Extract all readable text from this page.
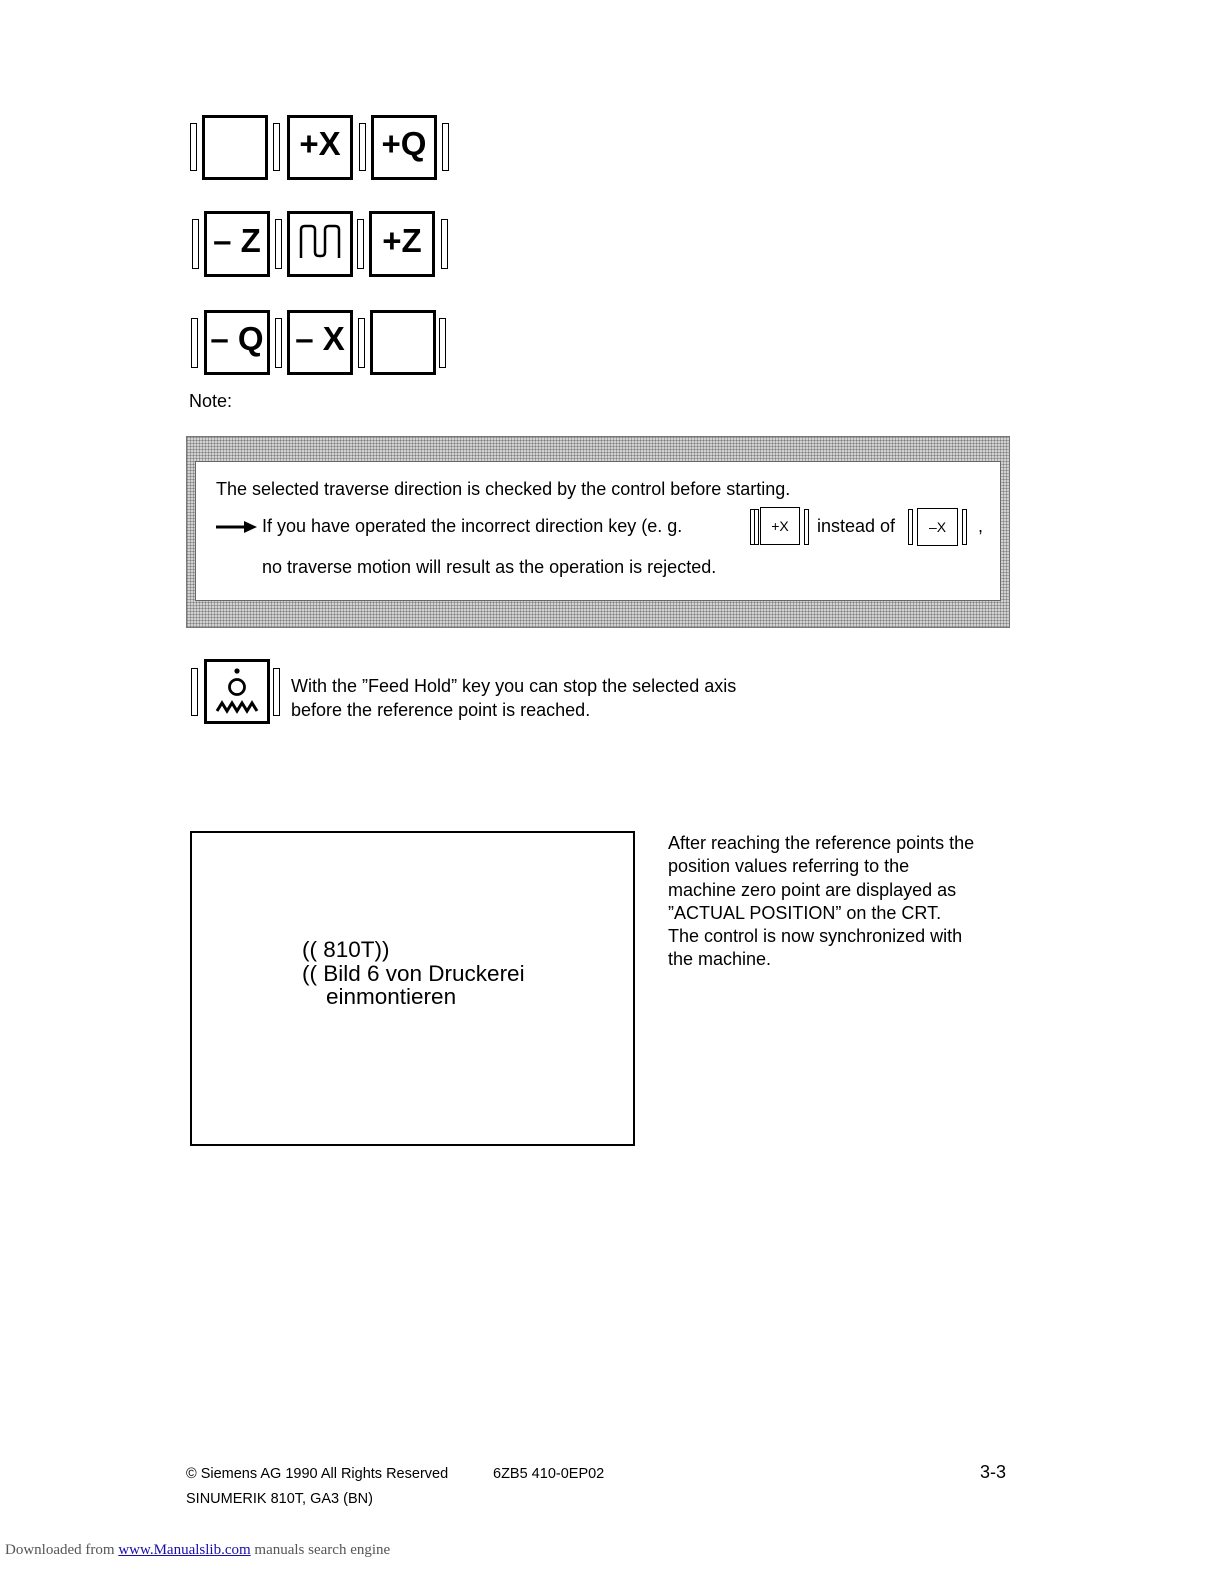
+X +Q
– Z	+Z
– Q – X
Note:
The selected traverse direction is checked by the control before starting.
If you have operated the incorrect direction key (e. g.	+X instead of –X ,
no traverse motion will result as the operation is rejected.
With the ”Feed Hold” key you can stop the selected axis
before the reference point is reached.
(( 810T))
(( Bild 6 von Druckerei
einmontieren
After reaching the reference points the
position values referring to the
machine zero point are displayed as
”ACTUAL POSITION” on the CRT.
The control is now synchronized with
the machine.
© Siemens AG 1990 All Rights Reserved	6ZB5 410-0EP02	3-3
SINUMERIK 810T, GA3 (BN)
Downloaded from www.Manualslib.com manuals search engine
